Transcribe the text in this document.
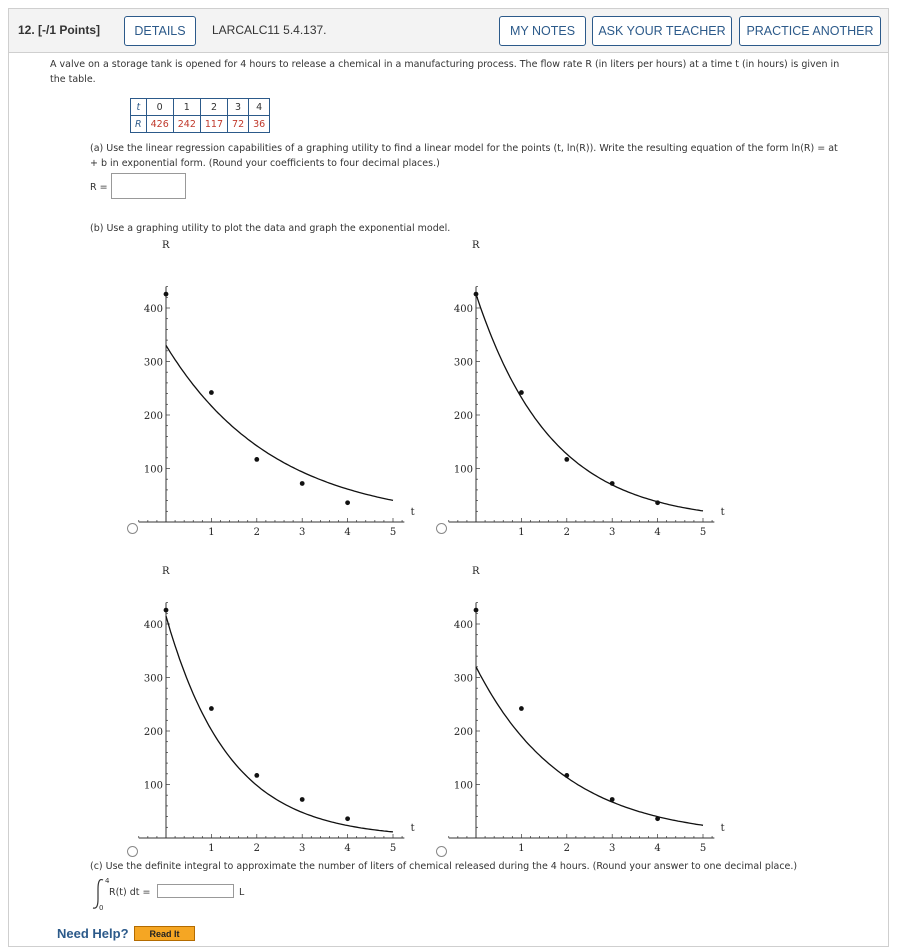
12. [-/1 Points]	DETAILS	LARCALC11 5.4.137.	MY NOTES	ASK YOUR TEACHER	PRACTICE ANOTHER
A valve on a storage tank is opened for 4 hours to release a chemical in a manufacturing process. The flow rate R (in liters per hours) at a time t (in hours) is given in
the table.
t	0	1	2	3	4
R	426	242	117	72	36
(a) Use the linear regression capabilities of a graphing utility to find a linear model for the points (t, ln(R)). Write the resulting equation of the form ln(R) = at
+ b in exponential form. (Round your coefficients to four decimal places.)
R =
(b) Use a graphing utility to plot the data and graph the exponential model.
1	2	3	4	5
100
200
300
400
t
R
1	2	3	4	5
100
200
300
400
t
R
1	2	3	4	5
100
200
300
400
t
R
1	2	3	4	5
100
200
300
400
t
R
(c) Use the definite integral to approximate the number of liters of chemical released during the 4 hours. (Round your answer to one decimal place.)
4
0
R(t) dt =	L
Need Help?	Read It
